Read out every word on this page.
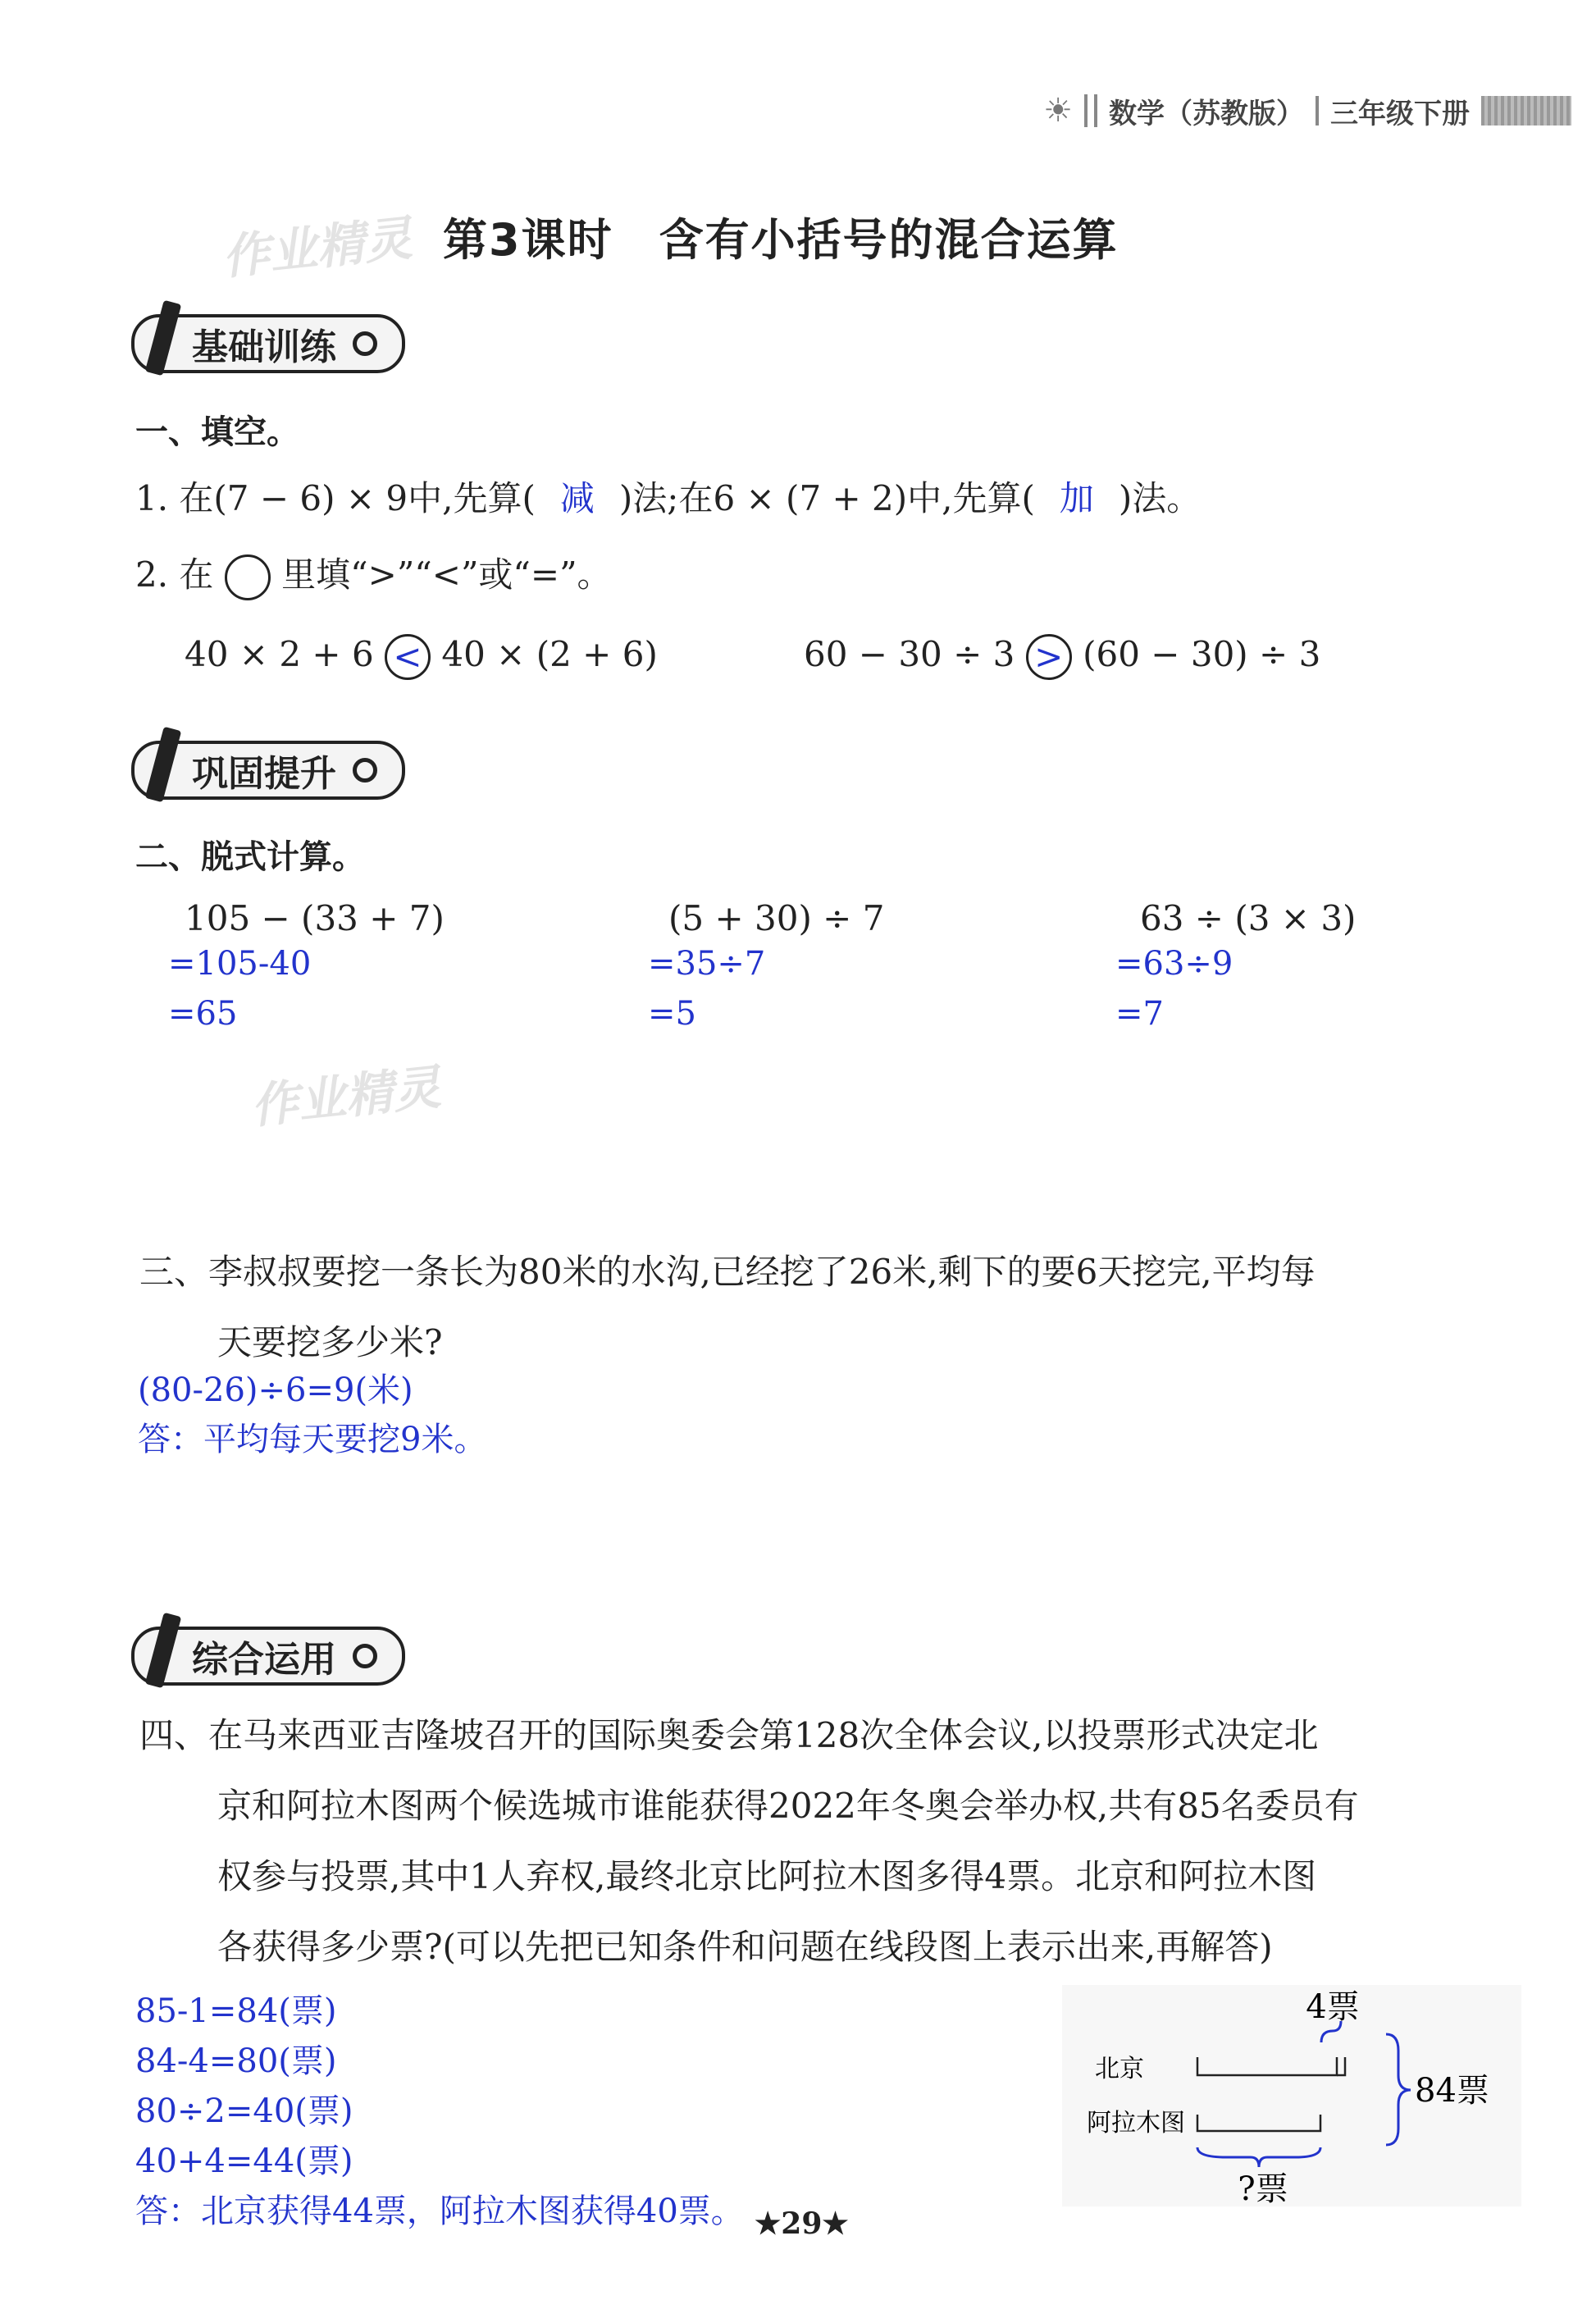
☀ 数学（苏教版） 三年级下册
作业精灵 第3课时　含有小括号的混合运算
基础训练
一、填空。
1. 在(7 − 6) × 9中,先算( 减 )法;在6 × (7 + 2)中,先算( 加 )法。
2. 在 里填“>”“<”或“=”。
40 × 2 + 6 < 40 × (2 + 6)	60 − 30 ÷ 3 > (60 − 30) ÷ 3
巩固提升
二、脱式计算。
105 − (33 + 7)
=105-40
=65
(5 + 30) ÷ 7
=35÷7
=5
63 ÷ (3 × 3)
=63÷9
=7
作业精灵
三、李叔叔要挖一条长为80米的水沟,已经挖了26米,剩下的要6天挖完,平均每
天要挖多少米?
(80-26)÷6=9(米)
答：平均每天要挖9米。
综合运用
四、在马来西亚吉隆坡召开的国际奥委会第128次全体会议,以投票形式决定北
京和阿拉木图两个候选城市谁能获得2022年冬奥会举办权,共有85名委员有
权参与投票,其中1人弃权,最终北京比阿拉木图多得4票。北京和阿拉木图
各获得多少票?(可以先把已知条件和问题在线段图上表示出来,再解答)
85-1=84(票)
84-4=80(票)
80÷2=40(票)
40+4=44(票)
答：北京获得44票，阿拉木图获得40票。
北京
阿拉木图
4票
84票
?票
★29★
